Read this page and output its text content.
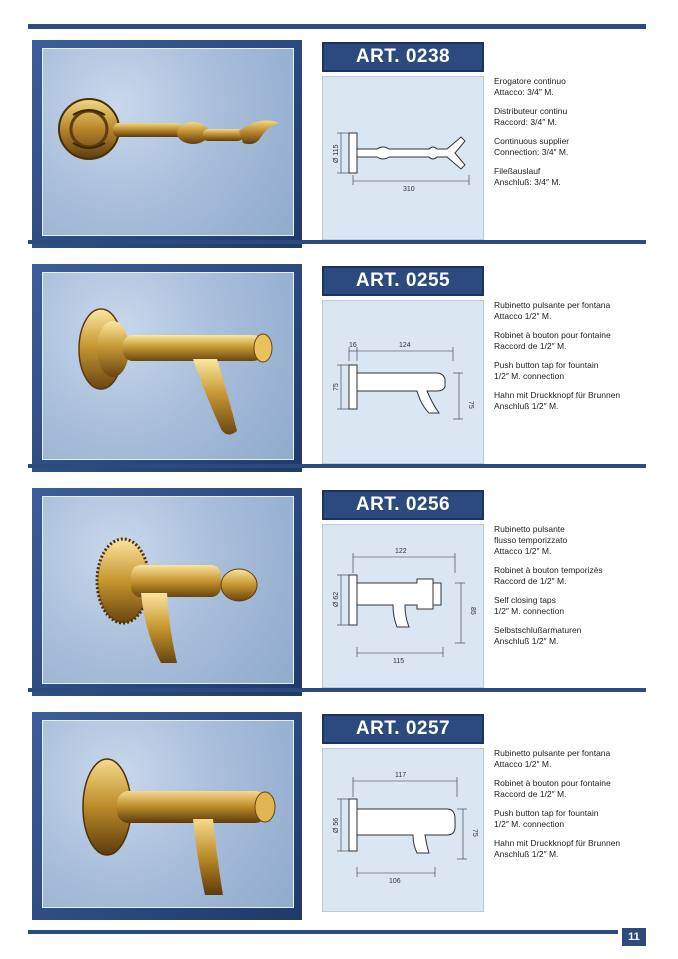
ART. 0238
Ø 115
310

Erogatore continuo
Attacco: 3/4″ M.

Distributeur continu
Raccord: 3/4″ M.

Continuous supplier
Connection: 3/4″ M.

Fileßauslauf
Anschluß: 3/4″ M.

ART. 0255
16	124
75
75

Rubinetto pulsante per fontana
Attacco 1/2″ M.

Robinet à bouton pour fontaine
Raccord de 1/2″ M.

Push button tap for fountain
1/2″ M. connection

Hahn mit Druckknopf für Brunnen
Anschluß 1/2″ M.

ART. 0256
122
Ø 62
85
115

Rubinetto pulsante
flusso temporizzato
Attacco 1/2″ M.

Robinet à bouton temporizès
Raccord de 1/2″ M.

Self closing taps
1/2″ M. connection

Selbstschlußarmaturen
Anschluß 1/2″ M.

ART. 0257
117
Ø 56	75
106

Rubinetto pulsante per fontana
Attacco 1/2″ M.

Robinet à bouton pour fontaine
Raccord de 1/2″ M.

Push button tap for fountain
1/2″ M. connection

Hahn mit Druckknopf für Brunnen
Anschluß 1/2″ M.

11
